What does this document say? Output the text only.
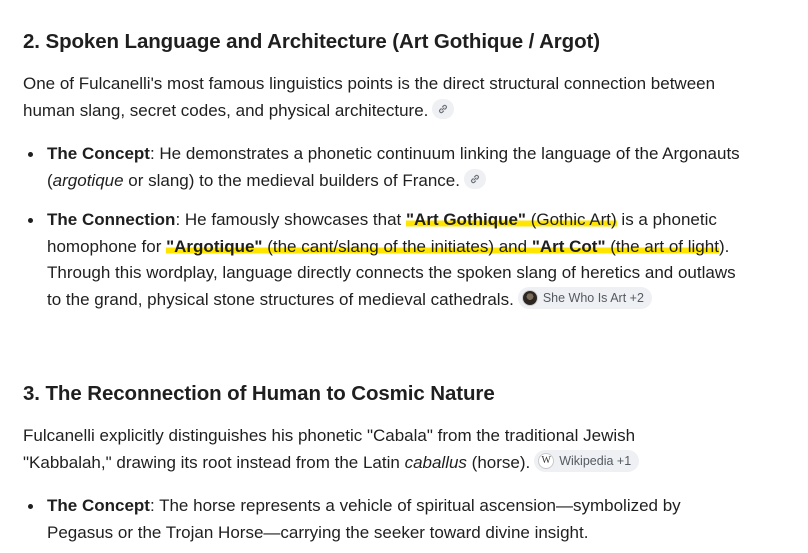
2. Spoken Language and Architecture (Art Gothique / Argot)

One of Fulcanelli's most famous linguistics points is the direct structural connection between human slang, secret codes, and physical architecture.

The Concept: He demonstrates a phonetic continuum linking the language of the Argonauts (argotique or slang) to the medieval builders of France.
The Connection: He famously showcases that "Art Gothique" (Gothic Art) is a phonetic homophone for "Argotique" (the cant/slang of the initiates) and "Art Cot" (the art of light). Through this wordplay, language directly connects the spoken slang of heretics and outlaws to the grand, physical stone structures of medieval cathedrals. She Who Is Art +2
3. The Reconnection of Human to Cosmic Nature

Fulcanelli explicitly distinguishes his phonetic "Cabala" from the traditional Jewish "Kabbalah," drawing its root instead from the Latin caballus (horse).	W Wikipedia +1

The Concept: The horse represents a vehicle of spiritual ascension—symbolized by Pegasus or the Trojan Horse—carrying the seeker toward divine insight.
